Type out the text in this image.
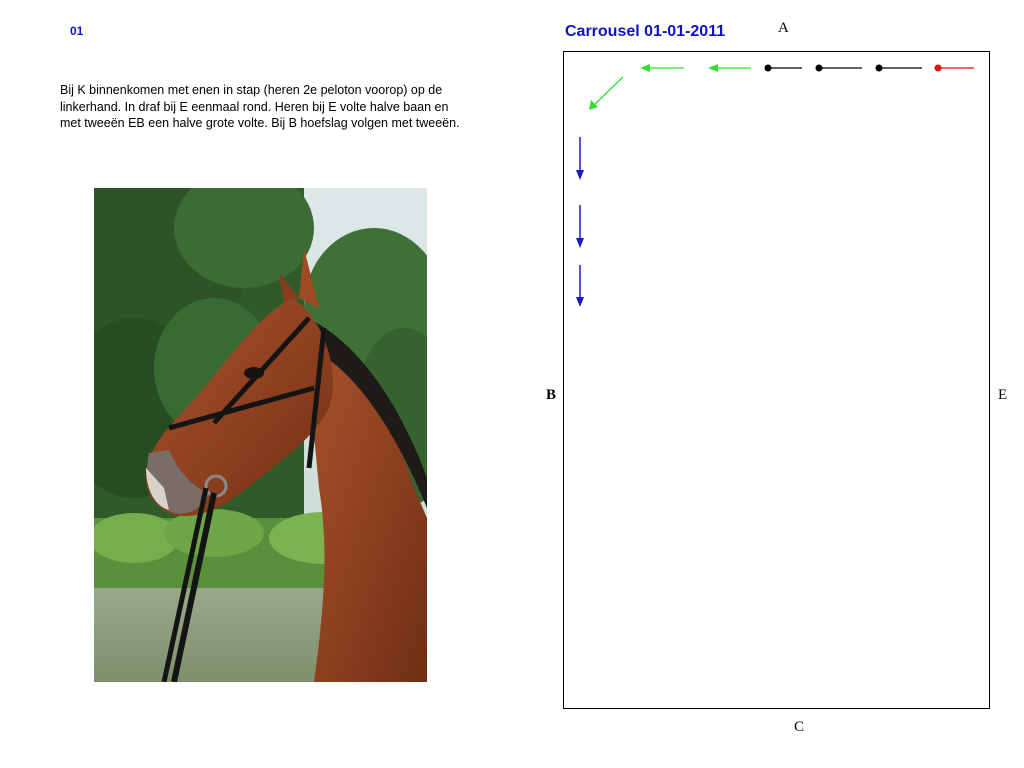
01
Bij K binnenkomen met enen in stap (heren 2e peloton voorop) op de
linkerhand. In draf bij E eenmaal rond. Heren bij E volte halve baan en
met tweeën EB een halve grote volte. Bij B hoefslag volgen met tweeën.
Carrousel 01-01-2011	A
B	E
C
